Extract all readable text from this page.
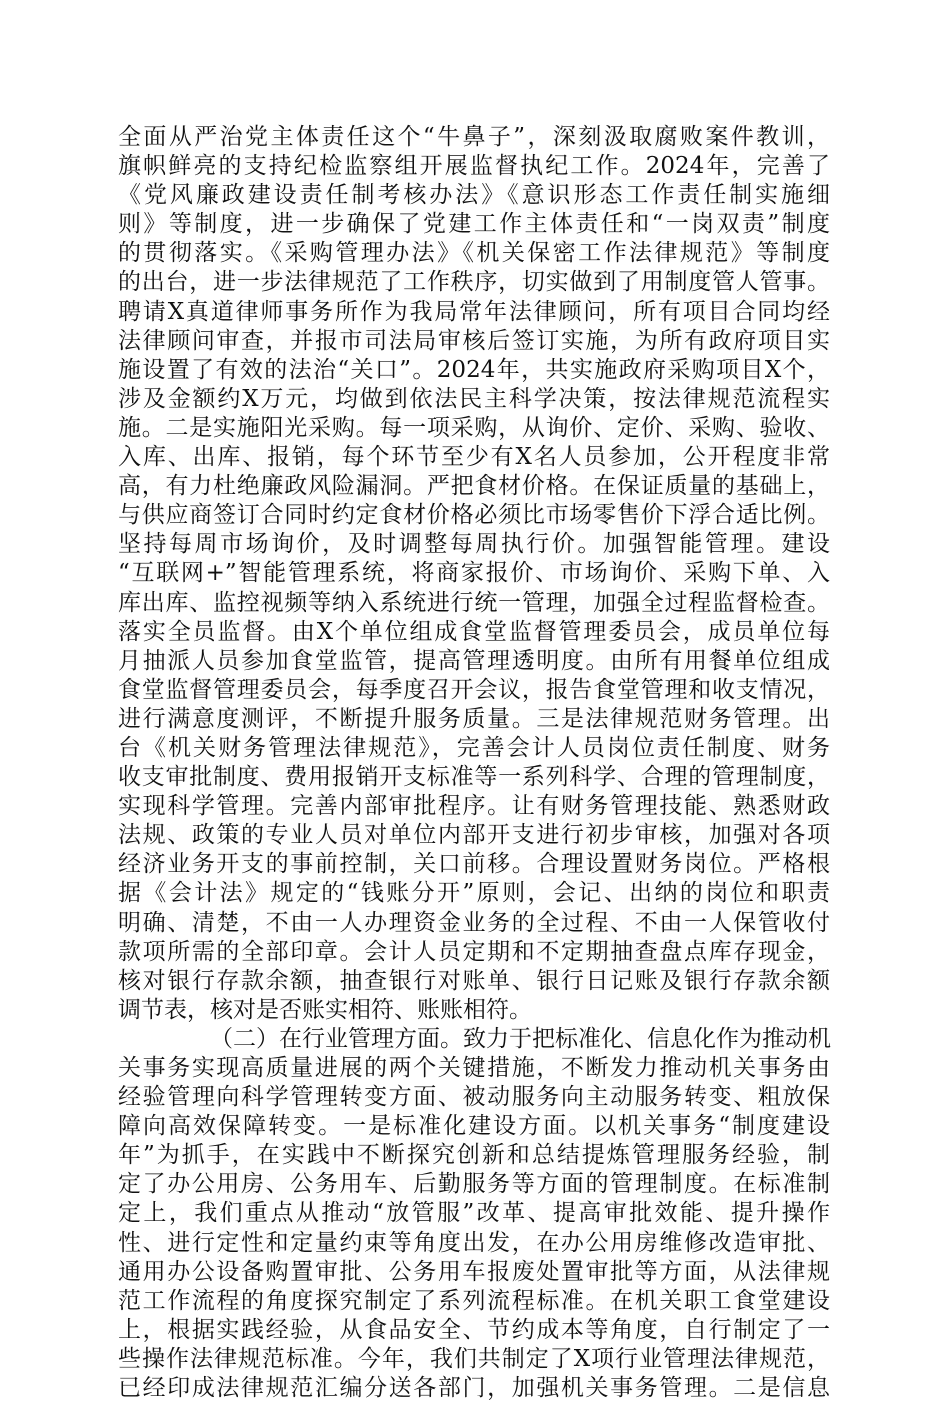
全面从严治党主体责任这个“牛鼻子”，深刻汲取腐败案件教训，
旗帜鲜亮的支持纪检监察组开展监督执纪工作。2024年，完善了
《党风廉政建设责任制考核办法》《意识形态工作责任制实施细
则》等制度，进一步确保了党建工作主体责任和“一岗双责”制度
的贯彻落实。《采购管理办法》《机关保密工作法律规范》等制度
的出台，进一步法律规范了工作秩序，切实做到了用制度管人管事。
聘请X真道律师事务所作为我局常年法律顾问，所有项目合同均经
法律顾问审查，并报市司法局审核后签订实施，为所有政府项目实
施设置了有效的法治“关口”。2024年，共实施政府采购项目X个，
涉及金额约X万元，均做到依法民主科学决策，按法律规范流程实
施。二是实施阳光采购。每一项采购，从询价、定价、采购、验收、
入库、出库、报销，每个环节至少有X名人员参加，公开程度非常
高，有力杜绝廉政风险漏洞。严把食材价格。在保证质量的基础上，
与供应商签订合同时约定食材价格必须比市场零售价下浮合适比例。
坚持每周市场询价，及时调整每周执行价。加强智能管理。建设
“互联网+”智能管理系统，将商家报价、市场询价、采购下单、入
库出库、监控视频等纳入系统进行统一管理，加强全过程监督检查。
落实全员监督。由X个单位组成食堂监督管理委员会，成员单位每
月抽派人员参加食堂监管，提高管理透明度。由所有用餐单位组成
食堂监督管理委员会，每季度召开会议，报告食堂管理和收支情况，
进行满意度测评，不断提升服务质量。三是法律规范财务管理。出
台《机关财务管理法律规范》，完善会计人员岗位责任制度、财务
收支审批制度、费用报销开支标准等一系列科学、合理的管理制度，
实现科学管理。完善内部审批程序。让有财务管理技能、熟悉财政
法规、政策的专业人员对单位内部开支进行初步审核，加强对各项
经济业务开支的事前控制，关口前移。合理设置财务岗位。严格根
据《会计法》规定的“钱账分开”原则，会记、出纳的岗位和职责
明确、清楚，不由一人办理资金业务的全过程、不由一人保管收付
款项所需的全部印章。会计人员定期和不定期抽查盘点库存现金，
核对银行存款余额，抽查银行对账单、银行日记账及银行存款余额
调节表，核对是否账实相符、账账相符。
（二）在行业管理方面。致力于把标准化、信息化作为推动机
关事务实现高质量进展的两个关键措施，不断发力推动机关事务由
经验管理向科学管理转变方面、被动服务向主动服务转变、粗放保
障向高效保障转变。一是标准化建设方面。以机关事务“制度建设
年”为抓手，在实践中不断探究创新和总结提炼管理服务经验，制
定了办公用房、公务用车、后勤服务等方面的管理制度。在标准制
定上，我们重点从推动“放管服”改革、提高审批效能、提升操作
性、进行定性和定量约束等角度出发，在办公用房维修改造审批、
通用办公设备购置审批、公务用车报废处置审批等方面，从法律规
范工作流程的角度探究制定了系列流程标准。在机关职工食堂建设
上，根据实践经验，从食品安全、节约成本等角度，自行制定了一
些操作法律规范标准。今年，我们共制定了X项行业管理法律规范，
已经印成法律规范汇编分送各部门，加强机关事务管理。二是信息
